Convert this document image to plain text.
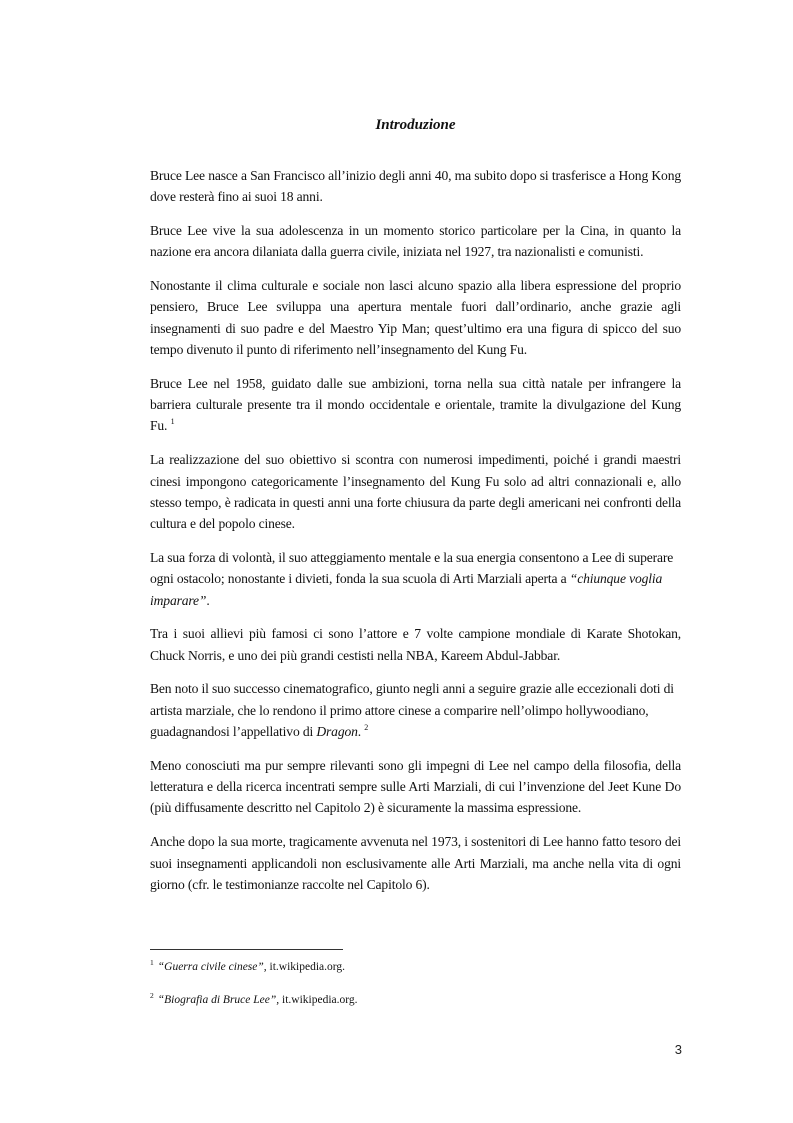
Introduzione

Bruce Lee nasce a San Francisco all’inizio degli anni 40, ma subito dopo si trasferisce a Hong Kong dove resterà fino ai suoi 18 anni.

Bruce Lee vive la sua adolescenza in un momento storico particolare per la Cina, in quanto la nazione era ancora dilaniata dalla guerra civile, iniziata nel 1927, tra nazionalisti e comunisti.

Nonostante il clima culturale e sociale non lasci alcuno spazio alla libera espressione del proprio pensiero, Bruce Lee sviluppa una apertura mentale fuori dall’ordinario, anche grazie agli insegnamenti di suo padre e del Maestro Yip Man; quest’ultimo era una figura di spicco del suo tempo divenuto il punto di riferimento nell’insegnamento del Kung Fu.

Bruce Lee nel 1958, guidato dalle sue ambizioni, torna nella sua città natale per infrangere la barriera culturale presente tra il mondo occidentale e orientale, tramite la divulgazione del Kung Fu. $^1$

La realizzazione del suo obiettivo si scontra con numerosi impedimenti, poiché i grandi maestri cinesi impongono categoricamente l’insegnamento del Kung Fu solo ad altri connazionali e, allo stesso tempo, è radicata in questi anni una forte chiusura da parte degli americani nei confronti della cultura e del popolo cinese.

La sua forza di volontà, il suo atteggiamento mentale e la sua energia consentono a Lee di superare ogni ostacolo; nonostante i divieti, fonda la sua scuola di Arti Marziali aperta a “chiunque voglia imparare”.

Tra i suoi allievi più famosi ci sono l’attore e 7 volte campione mondiale di Karate Shotokan, Chuck Norris, e uno dei più grandi cestisti nella NBA, Kareem Abdul-Jabbar.

Ben noto il suo successo cinematografico, giunto negli anni a seguire grazie alle eccezionali doti di artista marziale, che lo rendono il primo attore cinese a comparire nell’olimpo hollywoodiano, guadagnandosi l’appellativo di Dragon. $^2$

Meno conosciuti ma pur sempre rilevanti sono gli impegni di Lee nel campo della filosofia, della letteratura e della ricerca incentrati sempre sulle Arti Marziali, di cui l’invenzione del Jeet Kune Do (più diffusamente descritto nel Capitolo 2) è sicuramente la massima espressione.

Anche dopo la sua morte, tragicamente avvenuta nel 1973, i sostenitori di Lee hanno fatto tesoro dei suoi insegnamenti applicandoli non esclusivamente alle Arti Marziali, ma anche nella vita di ogni giorno (cfr. le testimonianze raccolte nel Capitolo 6).

$^1$ “Guerra civile cinese”, it.wikipedia.org.
$^2$ “Biografia di Bruce Lee”, it.wikipedia.org.
3
